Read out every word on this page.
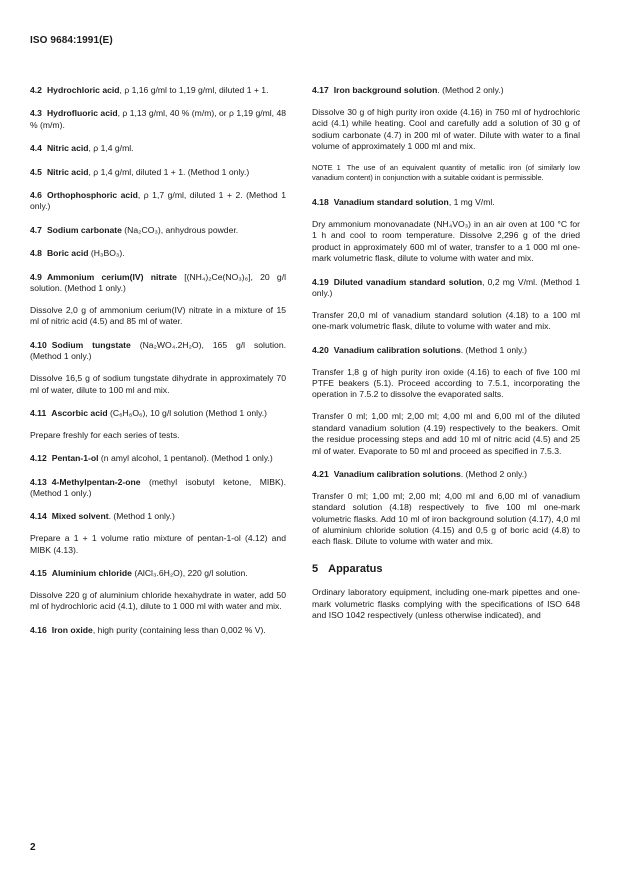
ISO 9684:1991(E)
4.2 Hydrochloric acid, ρ 1,16 g/ml to 1,19 g/ml, diluted 1 + 1.
4.3 Hydrofluoric acid, ρ 1,13 g/ml, 40 % (m/m), or ρ 1,19 g/ml, 48 % (m/m).
4.4 Nitric acid, ρ 1,4 g/ml.
4.5 Nitric acid, ρ 1,4 g/ml, diluted 1 + 1. (Method 1 only.)
4.6 Orthophosphoric acid, ρ 1,7 g/ml, diluted 1 + 2. (Method 1 only.)
4.7 Sodium carbonate (Na₂CO₃), anhydrous powder.
4.8 Boric acid (H₃BO₃).
4.9 Ammonium cerium(IV) nitrate [(NH₄)₂Ce(NO₃)₆], 20 g/l solution. (Method 1 only.)
Dissolve 2,0 g of ammonium cerium(IV) nitrate in a mixture of 15 ml of nitric acid (4.5) and 85 ml of water.
4.10 Sodium tungstate (Na₂WO₄.2H₂O), 165 g/l solution. (Method 1 only.)
Dissolve 16,5 g of sodium tungstate dihydrate in approximately 70 ml of water, dilute to 100 ml and mix.
4.11 Ascorbic acid (C₆H₈O₆), 10 g/l solution (Method 1 only.)
Prepare freshly for each series of tests.
4.12 Pentan-1-ol (n amyl alcohol, 1 pentanol). (Method 1 only.)
4.13 4-Methylpentan-2-one (methyl isobutyl ketone, MIBK). (Method 1 only.)
4.14 Mixed solvent. (Method 1 only.)
Prepare a 1 + 1 volume ratio mixture of pentan-1-ol (4.12) and MIBK (4.13).
4.15 Aluminium chloride (AlCl₃.6H₂O), 220 g/l solution.
Dissolve 220 g of aluminium chloride hexahydrate in water, add 50 ml of hydrochloric acid (4.1), dilute to 1 000 ml with water and mix.
4.16 Iron oxide, high purity (containing less than 0,002 % V).
4.17 Iron background solution. (Method 2 only.)
Dissolve 30 g of high purity iron oxide (4.16) in 750 ml of hydrochloric acid (4.1) while heating. Cool and carefully add a solution of 30 g of sodium carbonate (4.7) in 200 ml of water. Dilute with water to a final volume of approximately 1 000 ml and mix.
NOTE 1 The use of an equivalent quantity of metallic iron (of similarly low vanadium content) in conjunction with a suitable oxidant is permissible.
4.18 Vanadium standard solution, 1 mg V/ml.
Dry ammonium monovanadate (NH₄VO₃) in an air oven at 100 °C for 1 h and cool to room temperature. Dissolve 2,296 g of the dried product in approximately 600 ml of water, transfer to a 1 000 ml one-mark volumetric flask, dilute to volume with water and mix.
4.19 Diluted vanadium standard solution, 0,2 mg V/ml. (Method 1 only.)
Transfer 20,0 ml of vanadium standard solution (4.18) to a 100 ml one-mark volumetric flask, dilute to volume with water and mix.
4.20 Vanadium calibration solutions. (Method 1 only.)
Transfer 1,8 g of high purity iron oxide (4.16) to each of five 100 ml PTFE beakers (5.1). Proceed according to 7.5.1, incorporating the operation in 7.5.2 to dissolve the evaporated salts.
Transfer 0 ml; 1,00 ml; 2,00 ml; 4,00 ml and 6,00 ml of the diluted standard vanadium solution (4.19) respectively to the beakers. Omit the residue processing steps and add 10 ml of nitric acid (4.5) and 25 ml of water. Evaporate to 50 ml and proceed as specified in 7.5.3.
4.21 Vanadium calibration solutions. (Method 2 only.)
Transfer 0 ml; 1,00 ml; 2,00 ml; 4,00 ml and 6,00 ml of vanadium standard solution (4.18) respectively to five 100 ml one-mark volumetric flasks. Add 10 ml of iron background solution (4.17), 4,0 ml of aluminium chloride solution (4.15) and 0,5 g of boric acid (4.8) to each flask. Dilute to volume with water and mix.
5 Apparatus
Ordinary laboratory equipment, including one-mark pipettes and one-mark volumetric flasks complying with the specifications of ISO 648 and ISO 1042 respectively (unless otherwise indicated), and
2
